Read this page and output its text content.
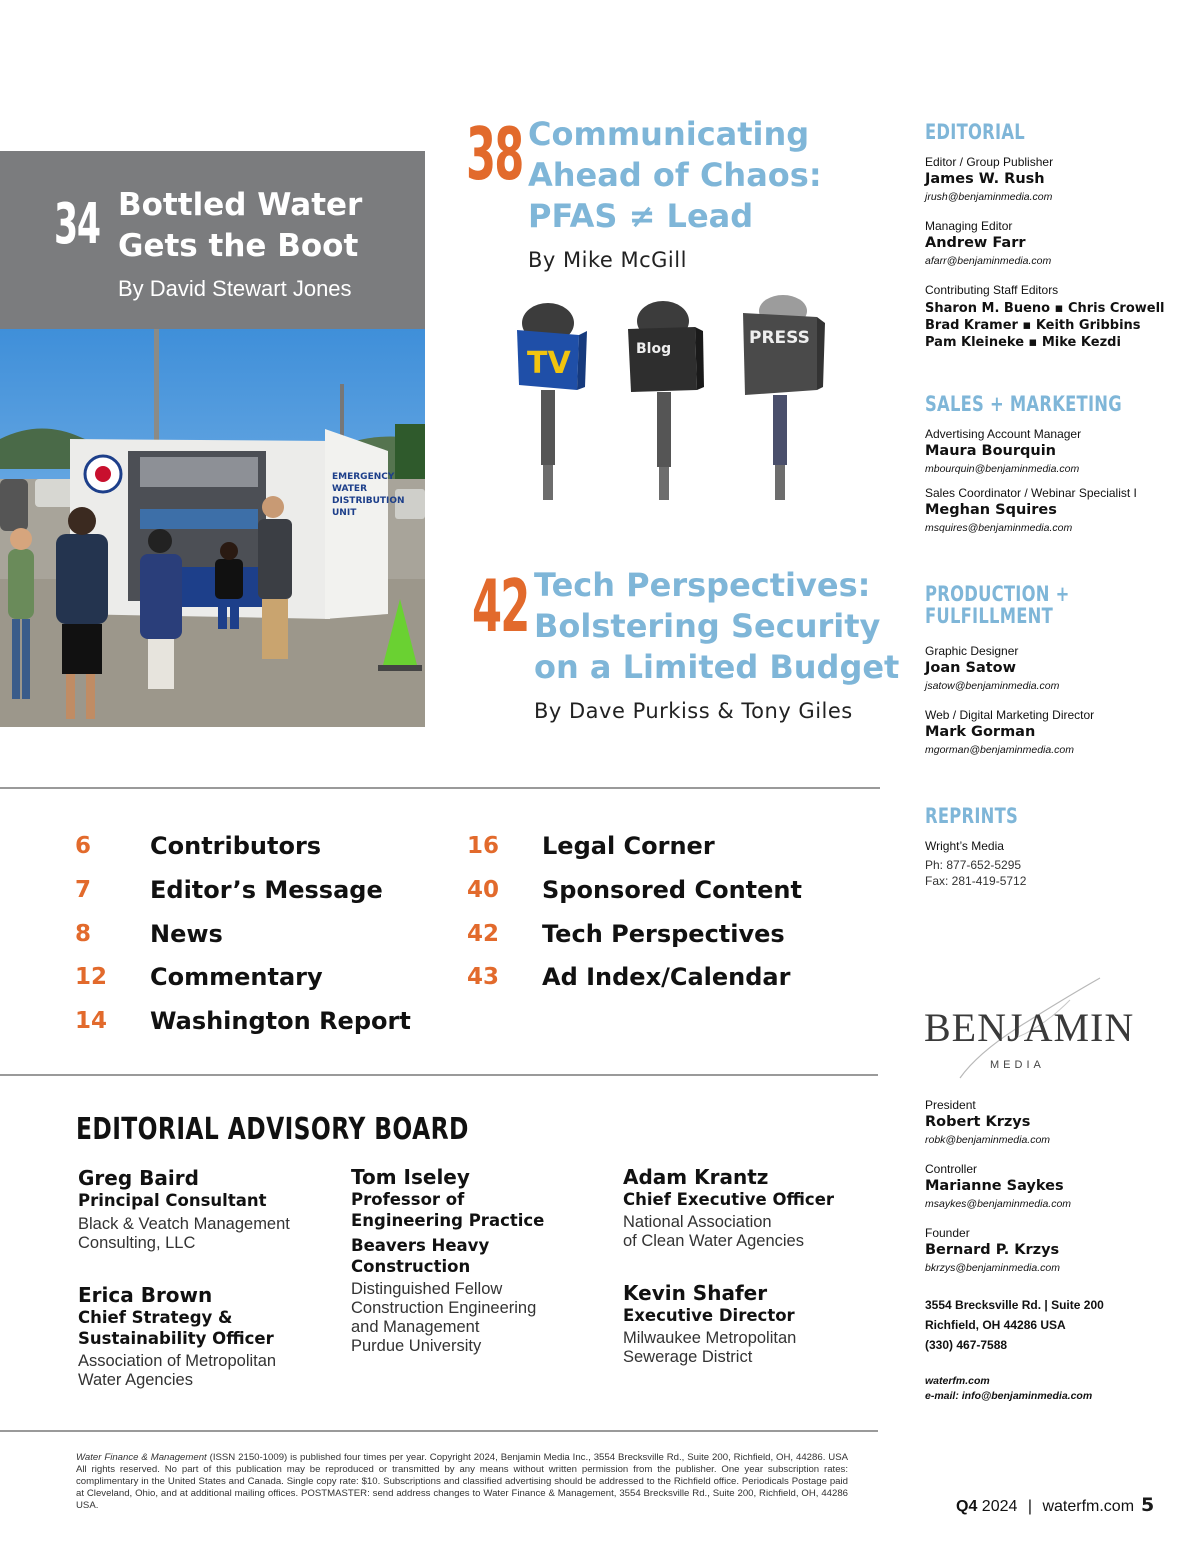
34 Bottled Water
Gets the Boot
By David Stewart Jones
EMERGENCY
WATER
DISTRIBUTION
UNIT
38 Communicating
Ahead of Chaos:
PFAS ≠ Lead
By Mike McGill
TV	Blog
PRESS
42 Tech Perspectives:
Bolstering Security
on a Limited Budget
By Dave Purkiss & Tony Giles
6 Contributors
7 Editor’s Message
8 News
12 Commentary
14 Washington Report
16 Legal Corner
40 Sponsored Content
42 Tech Perspectives
43 Ad Index/Calendar
EDITORIAL ADVISORY BOARD
Greg Baird
Principal Consultant
Black & Veatch Management
Consulting, LLC
Erica Brown
Chief Strategy &
Sustainability Officer
Association of Metropolitan
Water Agencies
Tom Iseley
Professor of
Engineering Practice
Beavers Heavy
Construction
Distinguished Fellow
Construction Engineering
and Management
Purdue University
Adam Krantz
Chief Executive Officer
National Association
of Clean Water Agencies
Kevin Shafer
Executive Director
Milwaukee Metropolitan
Sewerage District
EDITORIAL
Editor / Group Publisher
James W. Rush
jrush@benjaminmedia.com
Managing Editor
Andrew Farr
afarr@benjaminmedia.com
Contributing Staff Editors
Sharon M. Bueno ▪ Chris Crowell
Brad Kramer ▪ Keith Gribbins
Pam Kleineke ▪ Mike Kezdi
SALES + MARKETING
Advertising Account Manager
Maura Bourquin
mbourquin@benjaminmedia.com
Sales Coordinator / Webinar Specialist I
Meghan Squires
msquires@benjaminmedia.com
PRODUCTION +
FULFILLMENT
Graphic Designer
Joan Satow
jsatow@benjaminmedia.com
Web / Digital Marketing Director
Mark Gorman
mgorman@benjaminmedia.com
REPRINTS
Wright’s Media
Ph: 877-652-5295
Fax: 281-419-5712
BENJAMIN
MEDIA
President
Robert Krzys
robk@benjaminmedia.com
Controller
Marianne Saykes
msaykes@benjaminmedia.com
Founder
Bernard P. Krzys
bkrzys@benjaminmedia.com
3554 Brecksville Rd. | Suite 200
Richfield, OH 44286 USA
(330) 467-7588
waterfm.com
e-mail: info@benjaminmedia.com
Water Finance & Management (ISSN 2150-1009) is published four times per year. Copyright 2024, Benjamin Media Inc., 3554 Brecksville Rd., Suite 200, Richfield, OH, 44286. USA All rights reserved. No part of this publication may be reproduced or transmitted by any means without written permission from the publisher. One year subscription rates: complimentary in the United States and Canada. Single copy rate: $10. Subscriptions and classified advertising should be addressed to the Richfield office. Periodicals Postage paid at Cleveland, Ohio, and at additional mailing offices. POSTMASTER: send address changes to Water Finance & Management, 3554 Brecksville Rd., Suite 200, Richfield, OH, 44286 USA.	Q4 2024 | waterfm.com 5
